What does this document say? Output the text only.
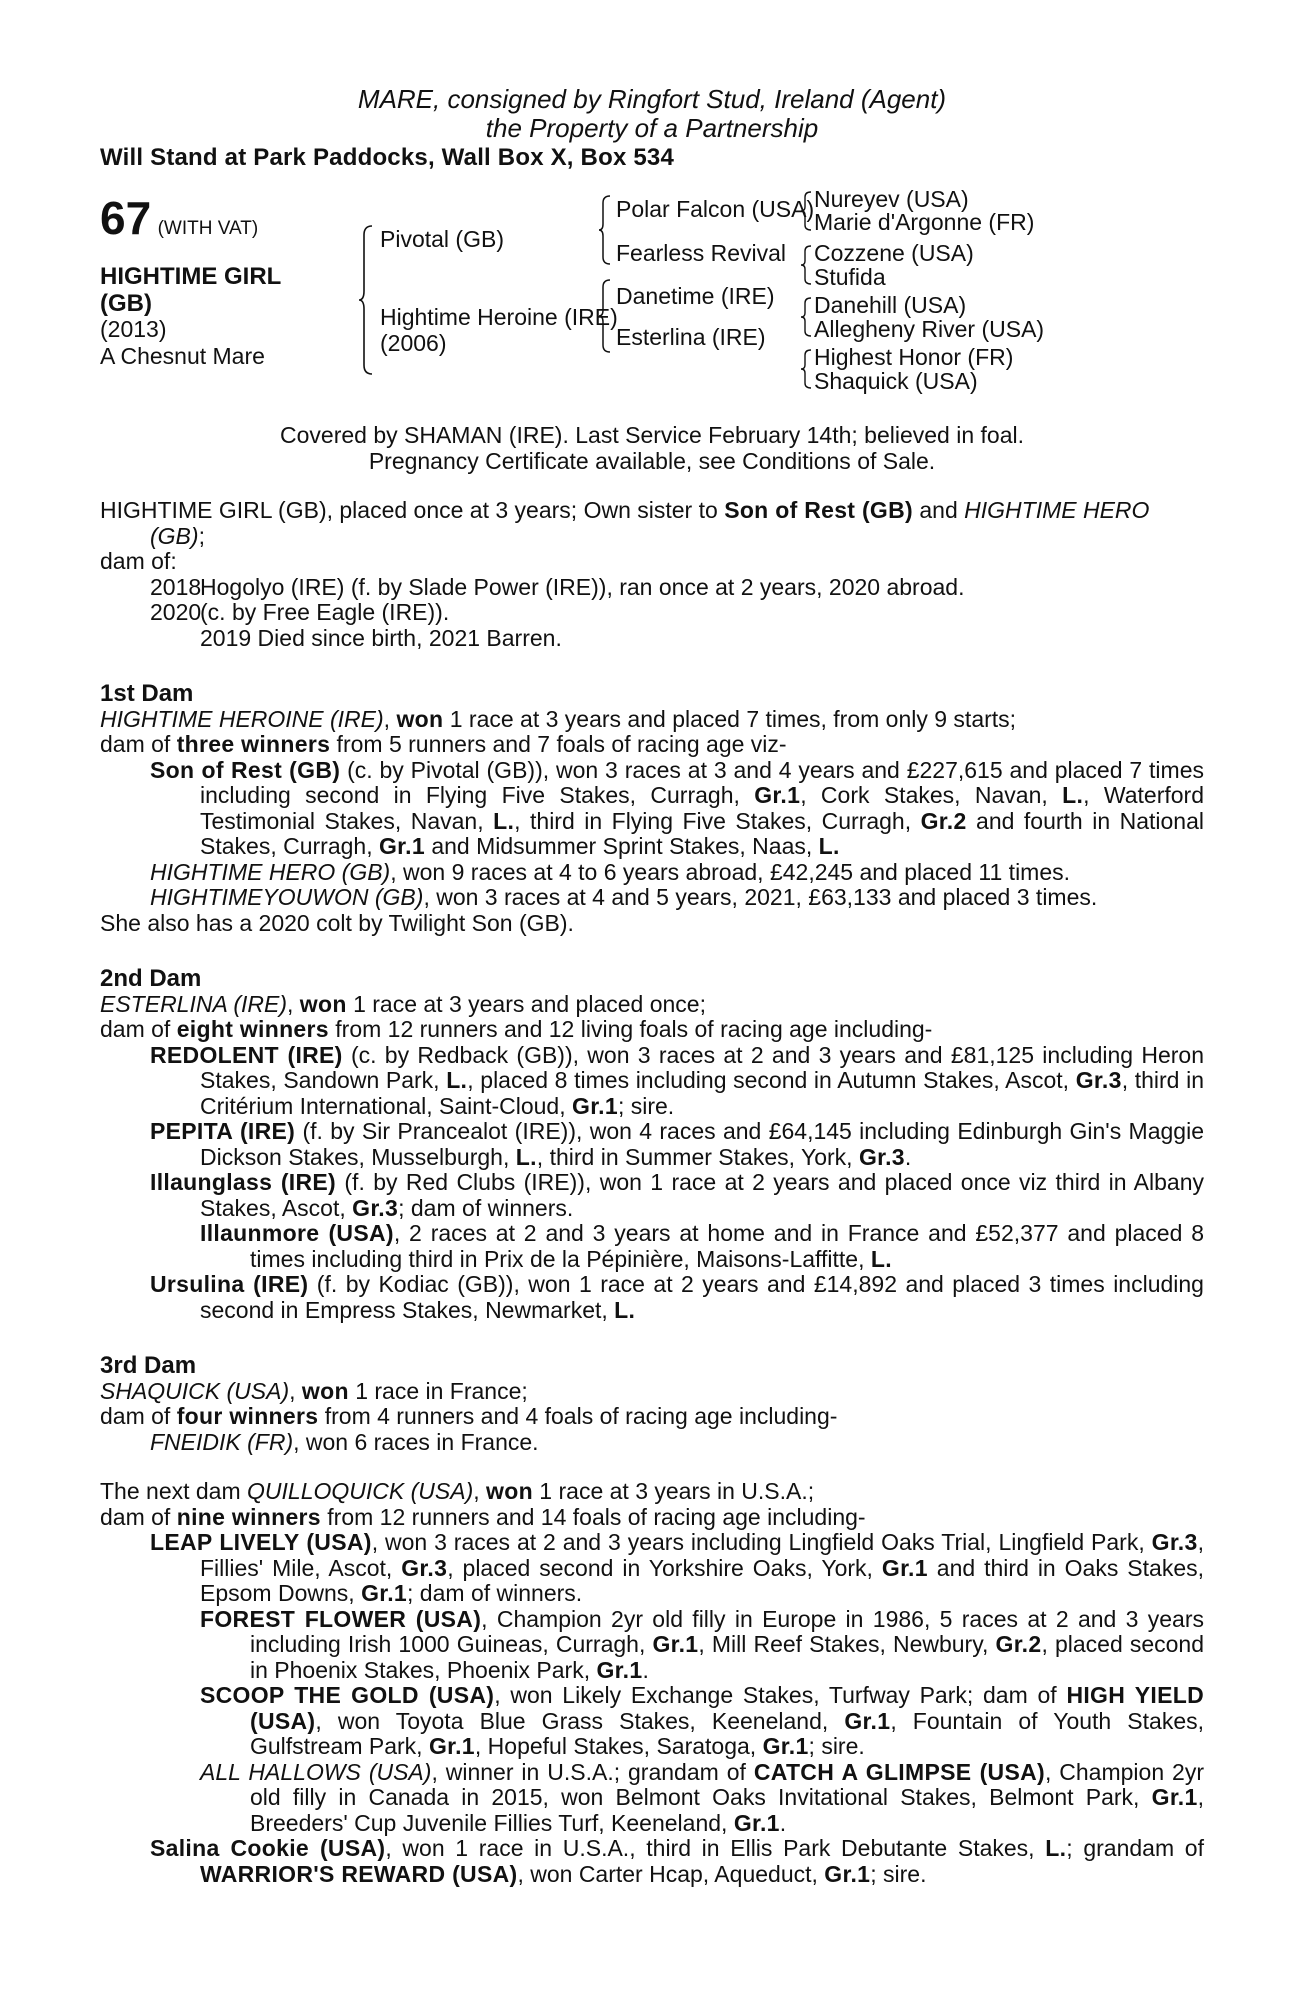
MARE, consigned by Ringfort Stud, Ireland (Agent)
the Property of a Partnership
Will Stand at Park Paddocks, Wall Box X, Box 534
67 (WITH VAT)
HIGHTIME GIRL
(GB)
(2013)
A Chesnut Mare
Pivotal (GB)
Hightime Heroine (IRE)
(2006)
Polar Falcon (USA)
Fearless Revival
Danetime (IRE)
Esterlina (IRE)
Nureyev (USA)
Marie d'Argonne (FR)
Cozzene (USA)
Stufida
Danehill (USA)
Allegheny River (USA)
Highest Honor (FR)
Shaquick (USA)
Covered by SHAMAN (IRE). Last Service February 14th; believed in foal.
Pregnancy Certificate available, see Conditions of Sale.

HIGHTIME GIRL (GB), placed once at 3 years; Own sister to Son of Rest (GB) and HIGHTIME HERO (GB);

dam of:

2018
Hogolyo (IRE) (f. by Slade Power (IRE)), ran once at 2 years, 2020 abroad.
2020
(c. by Free Eagle (IRE)).
2019 Died since birth, 2021 Barren.
1st Dam

HIGHTIME HEROINE (IRE), won 1 race at 3 years and placed 7 times, from only 9 starts;

dam of three winners from 5 runners and 7 foals of racing age viz-

Son of Rest (GB) (c. by Pivotal (GB)), won 3 races at 3 and 4 years and £227,615 and placed 7 times including second in Flying Five Stakes, Curragh, Gr.1, Cork Stakes, Navan, L., Waterford Testimonial Stakes, Navan, L., third in Flying Five Stakes, Curragh, Gr.2 and fourth in National Stakes, Curragh, Gr.1 and Midsummer Sprint Stakes, Naas, L.

HIGHTIME HERO (GB), won 9 races at 4 to 6 years abroad, £42,245 and placed 11 times.

HIGHTIMEYOUWON (GB), won 3 races at 4 and 5 years, 2021, £63,133 and placed 3 times.

She also has a 2020 colt by Twilight Son (GB).

2nd Dam

ESTERLINA (IRE), won 1 race at 3 years and placed once;

dam of eight winners from 12 runners and 12 living foals of racing age including-

REDOLENT (IRE) (c. by Redback (GB)), won 3 races at 2 and 3 years and £81,125 including Heron Stakes, Sandown Park, L., placed 8 times including second in Autumn Stakes, Ascot, Gr.3, third in Critérium International, Saint-Cloud, Gr.1; sire.

PEPITA (IRE) (f. by Sir Prancealot (IRE)), won 4 races and £64,145 including Edinburgh Gin's Maggie Dickson Stakes, Musselburgh, L., third in Summer Stakes, York, Gr.3.

Illaunglass (IRE) (f. by Red Clubs (IRE)), won 1 race at 2 years and placed once viz third in Albany Stakes, Ascot, Gr.3; dam of winners.

Illaunmore (USA), 2 races at 2 and 3 years at home and in France and £52,377 and placed 8 times including third in Prix de la Pépinière, Maisons-Laffitte, L.

Ursulina (IRE) (f. by Kodiac (GB)), won 1 race at 2 years and £14,892 and placed 3 times including second in Empress Stakes, Newmarket, L.

3rd Dam

SHAQUICK (USA), won 1 race in France;

dam of four winners from 4 runners and 4 foals of racing age including-

FNEIDIK (FR), won 6 races in France.

The next dam QUILLOQUICK (USA), won 1 race at 3 years in U.S.A.;

dam of nine winners from 12 runners and 14 foals of racing age including-

LEAP LIVELY (USA), won 3 races at 2 and 3 years including Lingfield Oaks Trial, Lingfield Park, Gr.3, Fillies' Mile, Ascot, Gr.3, placed second in Yorkshire Oaks, York, Gr.1 and third in Oaks Stakes, Epsom Downs, Gr.1; dam of winners.

FOREST FLOWER (USA), Champion 2yr old filly in Europe in 1986, 5 races at 2 and 3 years including Irish 1000 Guineas, Curragh, Gr.1, Mill Reef Stakes, Newbury, Gr.2, placed second in Phoenix Stakes, Phoenix Park, Gr.1.

SCOOP THE GOLD (USA), won Likely Exchange Stakes, Turfway Park; dam of HIGH YIELD (USA), won Toyota Blue Grass Stakes, Keeneland, Gr.1, Fountain of Youth Stakes, Gulfstream Park, Gr.1, Hopeful Stakes, Saratoga, Gr.1; sire.

ALL HALLOWS (USA), winner in U.S.A.; grandam of CATCH A GLIMPSE (USA), Champion 2yr old filly in Canada in 2015, won Belmont Oaks Invitational Stakes, Belmont Park, Gr.1, Breeders' Cup Juvenile Fillies Turf, Keeneland, Gr.1.

Salina Cookie (USA), won 1 race in U.S.A., third in Ellis Park Debutante Stakes, L.; grandam of WARRIOR'S REWARD (USA), won Carter Hcap, Aqueduct, Gr.1; sire.
